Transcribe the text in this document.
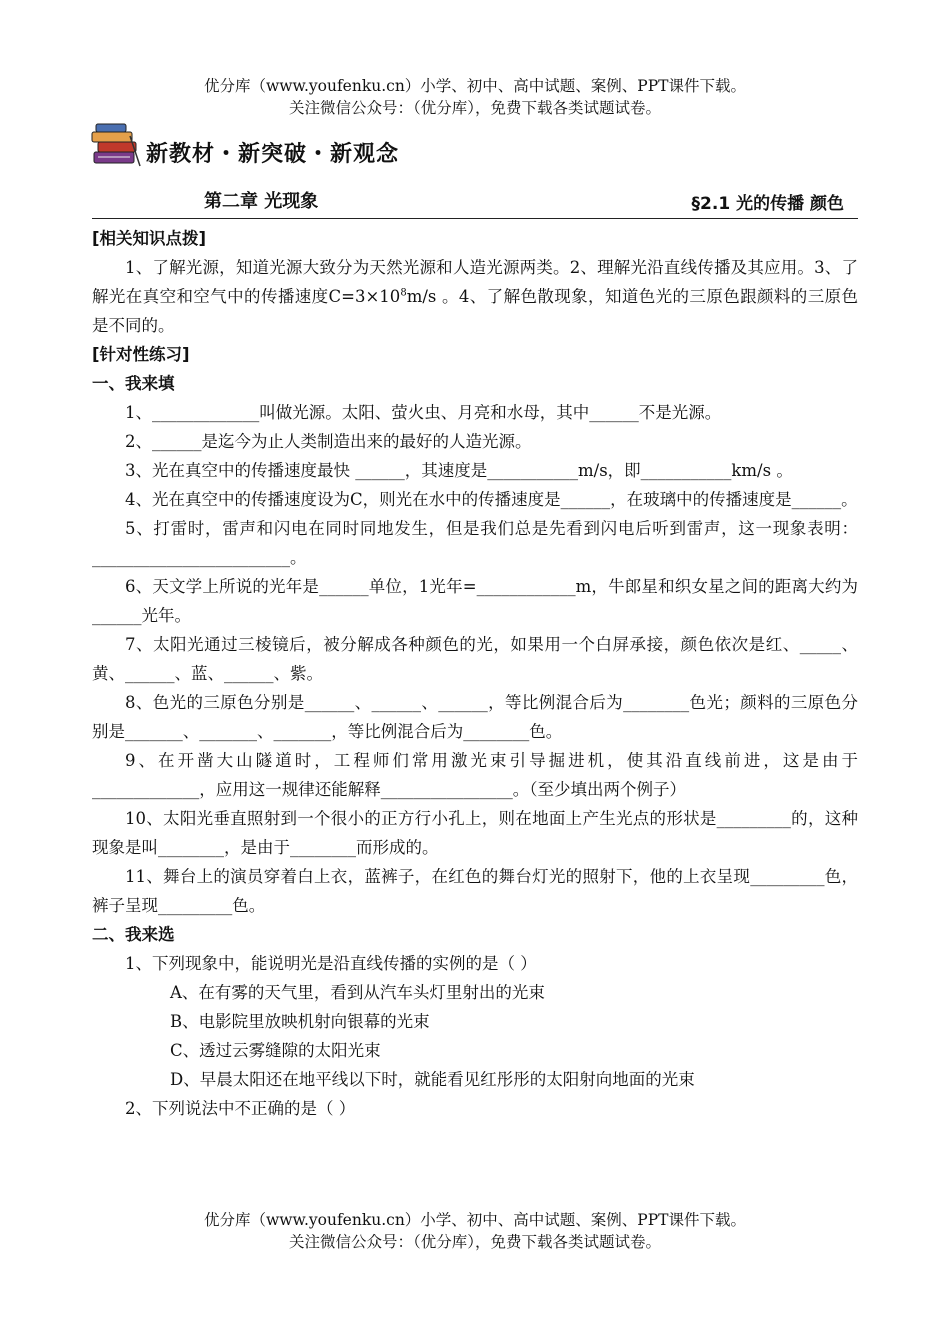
优分库（www.youfenku.cn）小学、初中、高中试题、案例、PPT课件下载。
关注微信公众号：（优分库），免费下载各类试题试卷。
新教材・新突破・新观念
第二章 光现象	§2.1 光的传播 颜色

[相关知识点拨]

1、了解光源，知道光源大致分为天然光源和人造光源两类。2、理解光沿直线传播及其应用。3、了解光在真空和空气中的传播速度$C=3\times 10^8m/s$ 。4、了解色散现象，知道色光的三原色跟颜料的三原色是不同的。

[针对性练习]

一、我来填

1、_____________叫做光源。太阳、萤火虫、月亮和水母，其中______不是光源。

2、______是迄今为止人类制造出来的最好的人造光源。

3、光在真空中的传播速度最快 ______，其速度是___________m/s，即___________km/s 。

4、光在真空中的传播速度设为C，则光在水中的传播速度是______，在玻璃中的传播速度是______。

5、打雷时，雷声和闪电在同时同地发生，但是我们总是先看到闪电后听到雷声，这一现象表明：________________________。

6、天文学上所说的光年是______单位，1光年=____________m，牛郎星和织女星之间的距离大约为______光年。

7、太阳光通过三棱镜后，被分解成各种颜色的光，如果用一个白屏承接，颜色依次是红、_____、黄、______、蓝、______、紫。

8、色光的三原色分别是______、______、______，等比例混合后为________色光；颜料的三原色分别是_______、_______、_______，等比例混合后为________色。

9、在开凿大山隧道时，工程师们常用激光束引导掘进机，使其沿直线前进，这是由于_____________，应用这一规律还能解释________________。（至少填出两个例子）

10、太阳光垂直照射到一个很小的正方行小孔上，则在地面上产生光点的形状是_________的，这种现象是叫________，是由于________而形成的。

11、舞台上的演员穿着白上衣，蓝裤子，在红色的舞台灯光的照射下，他的上衣呈现_________色，裤子呈现_________色。

二、我来选

1、下列现象中，能说明光是沿直线传播的实例的是（ ）

A、在有雾的天气里，看到从汽车头灯里射出的光束

B、电影院里放映机射向银幕的光束

C、透过云雾缝隙的太阳光束

D、早晨太阳还在地平线以下时，就能看见红彤彤的太阳射向地面的光束

2、下列说法中不正确的是（ ）

优分库（www.youfenku.cn）小学、初中、高中试题、案例、PPT课件下载。
关注微信公众号：（优分库），免费下载各类试题试卷。
